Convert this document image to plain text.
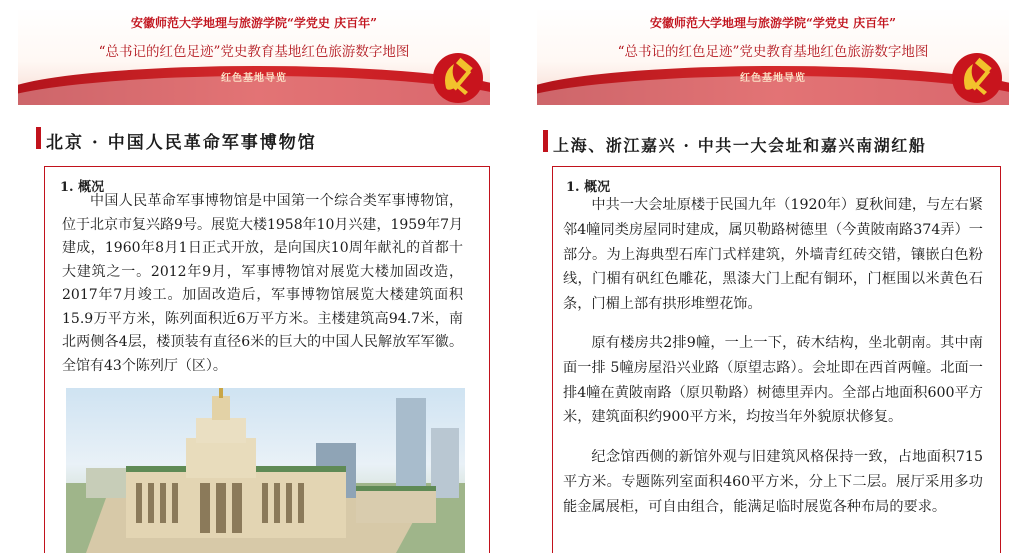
安徽师范大学地理与旅游学院“学党史 庆百年”
“总书记的红色足迹”党史教育基地红色旅游数字地图
红色基地导览
北京 · 中国人民革命军事博物馆
1. 概况

中国人民革命军事博物馆是中国第一个综合类军事博物馆，位于北京市复兴路9号。展览大楼1958年10月兴建，1959年7月建成，1960年8月1日正式开放，是向国庆10周年献礼的首都十大建筑之一。2012年9月，军事博物馆对展览大楼加固改造，2017年7月竣工。加固改造后，军事博物馆展览大楼建筑面积15.9万平方米，陈列面积近6万平方米。主楼建筑高94.7米，南北两侧各4层，楼顶装有直径6米的巨大的中国人民解放军军徽。全馆有43个陈列厅（区）。

安徽师范大学地理与旅游学院“学党史 庆百年”
“总书记的红色足迹”党史教育基地红色旅游数字地图
红色基地导览
上海、浙江嘉兴 · 中共一大会址和嘉兴南湖红船
1. 概况

中共一大会址原楼于民国九年（1920年）夏秋间建，与左右紧邻4幢同类房屋同时建成，属贝勒路树德里（今黄陂南路374弄）一部分。为上海典型石库门式样建筑，外墙青红砖交错，镶嵌白色粉线，门楣有矾红色雕花，黑漆大门上配有铜环，门框围以米黄色石条，门楣上部有拱形堆塑花饰。

原有楼房共2排9幢，一上一下，砖木结构，坐北朝南。其中南面一排 5幢房屋沿兴业路（原望志路）。会址即在西首两幢。北面一排4幢在黄陂南路（原贝勒路）树德里弄内。全部占地面积600平方米，建筑面积约900平方米，均按当年外貌原状修复。

纪念馆西侧的新馆外观与旧建筑风格保持一致，占地面积715平方米。专题陈列室面积460平方米，分上下二层。展厅采用多功能金属展柜，可自由组合，能满足临时展览各种布局的要求。
